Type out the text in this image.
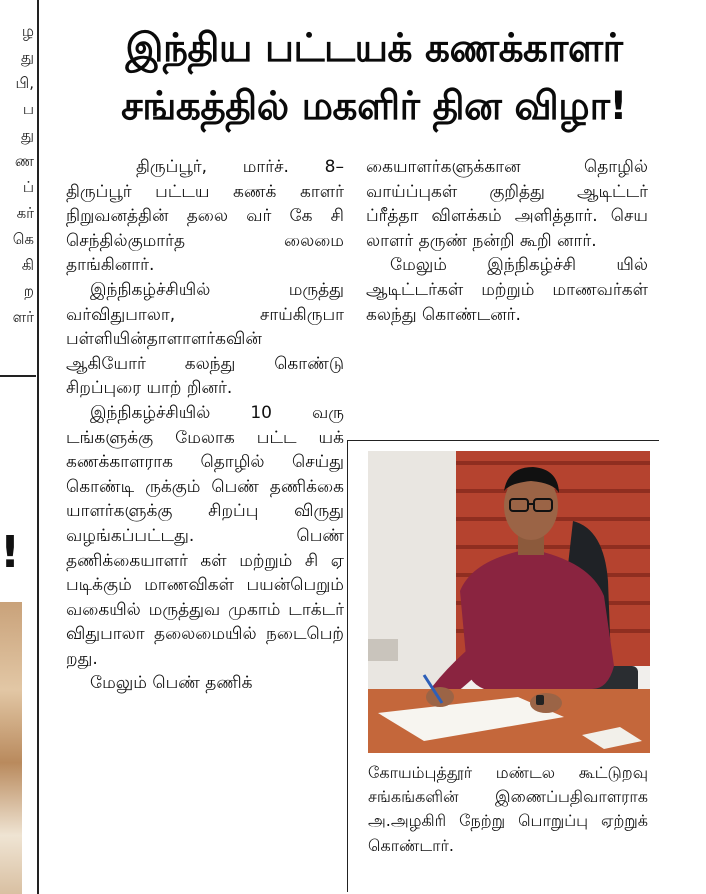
ழ
து
பி,
ப
து
ண
ப்
கர்
கெ
கி
ற
ளர்
!
இந்திய பட்டயக் கணக்காளர்
சங்கத்தில் மகளிர் தின விழா!

திருப்பூர், மார்ச். 8– திருப்பூர் பட்டய கணக் காளர் நிறுவனத்தின் தலை வர் கே சி செந்தில்குமார்த லைமை தாங்கினார்.

இந்நிகழ்ச்சியில் மருத்து வர்விதுபாலா, சாய்கிருபா பள்ளியின்தாளாளர்கவின் ஆகியோர் கலந்து கொண்டு சிறப்புரை யாற் றினர்.

இந்நிகழ்ச்சியில் 10 வரு டங்களுக்கு மேலாக பட்ட யக் கணக்காளராக தொழில் செய்து கொண்டி ருக்கும் பெண் தணிக்கை யாளர்களுக்கு சிறப்பு விருது வழங்கப்பட்டது. பெண் தணிக்கையாளர் கள் மற்றும் சி ஏ படிக்கும் மாணவிகள் பயன்பெறும் வகையில் மருத்துவ முகாம் டாக்டர் விதுபாலா தலைமையில் நடைபெற் றது.

மேலும் பெண் தணிக்

கையாளர்களுக்கான தொழில் வாய்ப்புகள் குறித்து ஆடிட்டர் ப்ரீத்தா விளக்கம் அளித்தார். செய லாளர் தருண் நன்றி கூறி னார்.

மேலும் இந்நிகழ்ச்சி யில் ஆடிட்டர்கள் மற்றும் மாணவர்கள் கலந்து கொண்டனர்.

கோயம்புத்தூர் மண்டல கூட்டுறவு சங்கங்களின் இணைப்பதிவாளராக அ.அழகிரி நேற்று பொறுப்பு ஏற்றுக் கொண்டார்.
